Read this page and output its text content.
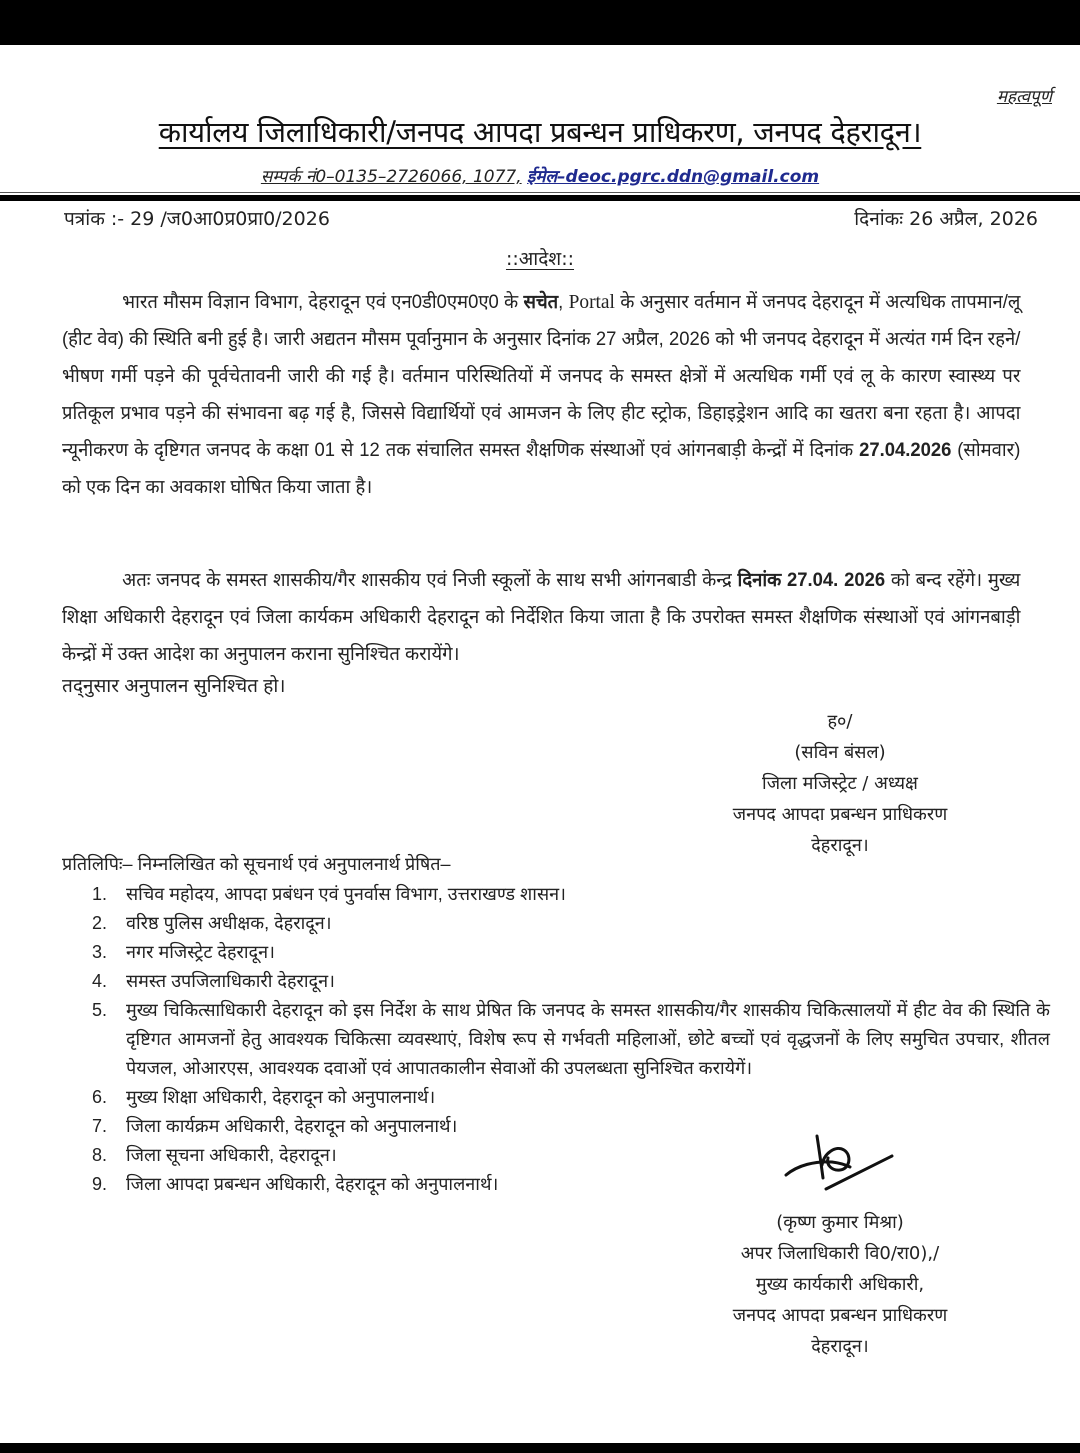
महत्वपूर्ण
कार्यालय जिलाधिकारी/जनपद आपदा प्रबन्धन प्राधिकरण, जनपद देहरादून।
सम्पर्क नं0–0135–2726066, 1077, ईमेल–deoc.pgrc.ddn@gmail.com
पत्रांक :- 29 /ज0आ0प्र0प्रा0/2026	दिनांकः 26 अप्रैल, 2026
::आदेश::
भारत मौसम विज्ञान विभाग, देहरादून एवं एन0डी0एम0ए0 के सचेत, Portal के अनुसार वर्तमान में जनपद देहरादून में अत्यधिक तापमान/लू (हीट वेव) की स्थिति बनी हुई है। जारी अद्यतन मौसम पूर्वानुमान के अनुसार दिनांक 27 अप्रैल, 2026 को भी जनपद देहरादून में अत्यंत गर्म दिन रहने/भीषण गर्मी पड़ने की पूर्वचेतावनी जारी की गई है। वर्तमान परिस्थितियों में जनपद के समस्त क्षेत्रों में अत्यधिक गर्मी एवं लू के कारण स्वास्थ्य पर प्रतिकूल प्रभाव पड़ने की संभावना बढ़ गई है, जिससे विद्यार्थियों एवं आमजन के लिए हीट स्ट्रोक, डिहाइड्रेशन आदि का खतरा बना रहता है। आपदा न्यूनीकरण के दृष्टिगत जनपद के कक्षा 01 से 12 तक संचालित समस्त शैक्षणिक संस्थाओं एवं आंगनबाड़ी केन्द्रों में दिनांक 27.04.2026 (सोमवार) को एक दिन का अवकाश घोषित किया जाता है।
अतः जनपद के समस्त शासकीय/गैर शासकीय एवं निजी स्कूलों के साथ सभी आंगनबाडी केन्द्र दिनांक 27.04. 2026 को बन्द रहेंगे। मुख्य शिक्षा अधिकारी देहरादून एवं जिला कार्यकम अधिकारी देहरादून को निर्देशित किया जाता है कि उपरोक्त समस्त शैक्षणिक संस्थाओं एवं आंगनबाड़ी केन्द्रों में उक्त आदेश का अनुपालन कराना सुनिश्चित करायेंगे।
तद्नुसार अनुपालन सुनिश्चित हो।
ह०/
(सविन बंसल)
जिला मजिस्ट्रेट / अध्यक्ष
जनपद आपदा प्रबन्धन प्राधिकरण
देहरादून।
प्रतिलिपिः– निम्नलिखित को सूचनार्थ एवं अनुपालनार्थ प्रेषित–
1.	सचिव महोदय, आपदा प्रबंधन एवं पुनर्वास विभाग, उत्तराखण्ड शासन।
2.	वरिष्ठ पुलिस अधीक्षक, देहरादून।
3.	नगर मजिस्ट्रेट देहरादून।
4.	समस्त उपजिलाधिकारी देहरादून।
5.	मुख्य चिकित्साधिकारी देहरादून को इस निर्देश के साथ प्रेषित कि जनपद के समस्त शासकीय/गैर शासकीय चिकित्सालयों में हीट वेव की स्थिति के दृष्टिगत आमजनों हेतु आवश्यक चिकित्सा व्यवस्थाएं, विशेष रूप से गर्भवती महिलाओं, छोटे बच्चों एवं वृद्धजनों के लिए समुचित उपचार, शीतल पेयजल, ओआरएस, आवश्यक दवाओं एवं आपातकालीन सेवाओं की उपलब्धता सुनिश्चित करायेगें।
6.	मुख्य शिक्षा अधिकारी, देहरादून को अनुपालनार्थ।
7.	जिला कार्यक्रम अधिकारी, देहरादून को अनुपालनार्थ।
8.	जिला सूचना अधिकारी, देहरादून।
9.	जिला आपदा प्रबन्धन अधिकारी, देहरादून को अनुपालनार्थ।
(कृष्ण कुमार मिश्रा)
अपर जिलाधिकारी वि0/रा0),/
मुख्य कार्यकारी अधिकारी,
जनपद आपदा प्रबन्धन प्राधिकरण
देहरादून।
